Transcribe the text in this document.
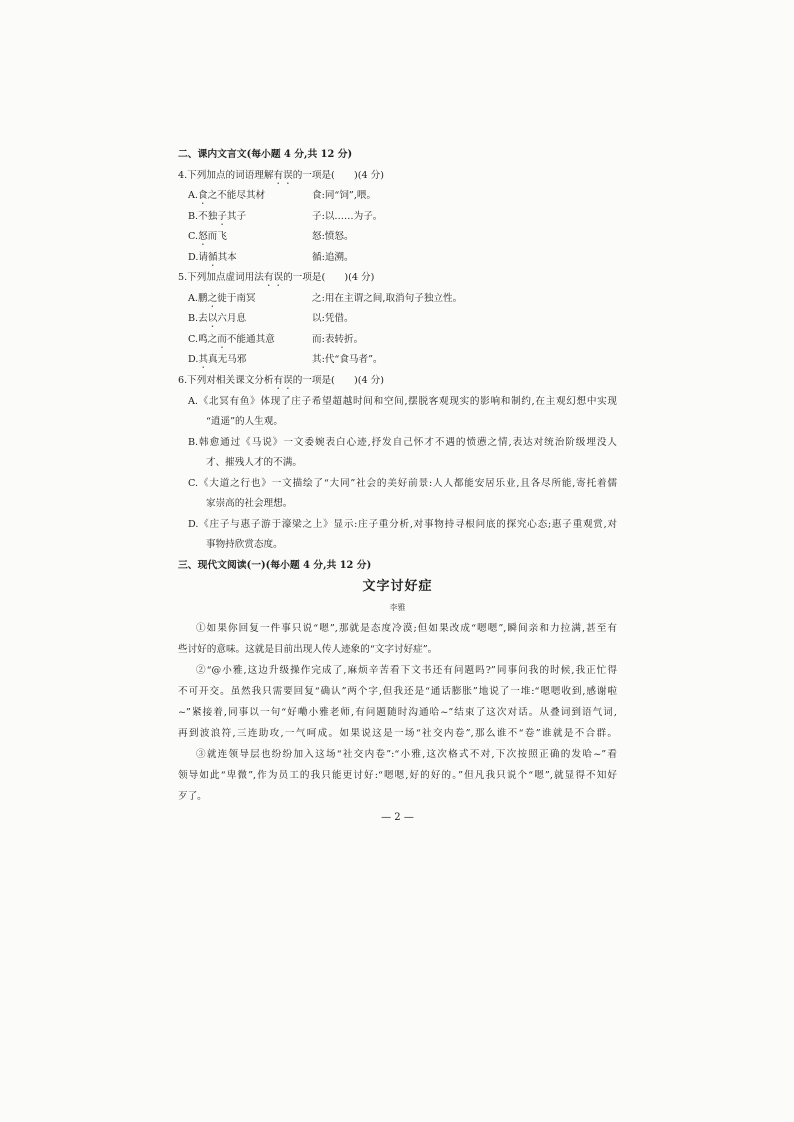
二、课内文言文(每小题 4 分,共 12 分)
4.下列加点的词语理解有误的一项是(　　)(4 分)
A.食之不能尽其材	食:同“饲”,喂。
B.不独子其子	子:以……为子。
C.怒而飞	怒:愤怒。
D.请循其本	循:追溯。
5.下列加点虚词用法有误的一项是(　　)(4 分)
A.鹏之徙于南冥	之:用在主谓之间,取消句子独立性。
B.去以六月息	以:凭借。
C.鸣之而不能通其意	而:表转折。
D.其真无马邪	其:代“食马者”。
6.下列对相关课文分析有误的一项是(　　)(4 分)
A.《北冥有鱼》体现了庄子希望超越时间和空间,摆脱客观现实的影响和制约,在主观幻想中实现
“逍遥”的人生观。
B.韩愈通过《马说》一文委婉表白心迹,抒发自己怀才不遇的愤懑之情,表达对统治阶级埋没人
才、摧残人才的不满。
C.《大道之行也》一文描绘了“大同”社会的美好前景:人人都能安居乐业,且各尽所能,寄托着儒
家崇高的社会理想。
D.《庄子与惠子游于濠梁之上》显示:庄子重分析,对事物持寻根问底的探究心态;惠子重观赏,对
事物持欣赏态度。
三、现代文阅读(一)(每小题 4 分,共 12 分)
文字讨好症
李雅
①如果你回复一件事只说“嗯”,那就是态度冷漠;但如果改成“嗯嗯”,瞬间亲和力拉满,甚至有
些讨好的意味。这就是目前出现人传人迹象的“文字讨好症”。
②“@小雅,这边升级操作完成了,麻烦辛苦看下文书还有问题吗?”同事问我的时候,我正忙得
不可开交。虽然我只需要回复“确认”两个字,但我还是“通话膨胀”地说了一堆:“嗯嗯收到,感谢啦
~”紧接着,同事以一句“好嘞小雅老师,有问题随时沟通哈~”结束了这次对话。从叠词到语气词,
再到波浪符,三连助攻,一气呵成。如果说这是一场“社交内卷”,那么谁不“卷”谁就是不合群。
③就连领导层也纷纷加入这场“社交内卷”:“小雅,这次格式不对,下次按照正确的发哈~”看
领导如此“卑微”,作为员工的我只能更讨好:“嗯嗯,好的好的。”但凡我只说个“嗯”,就显得不知好
歹了。
— 2 —
